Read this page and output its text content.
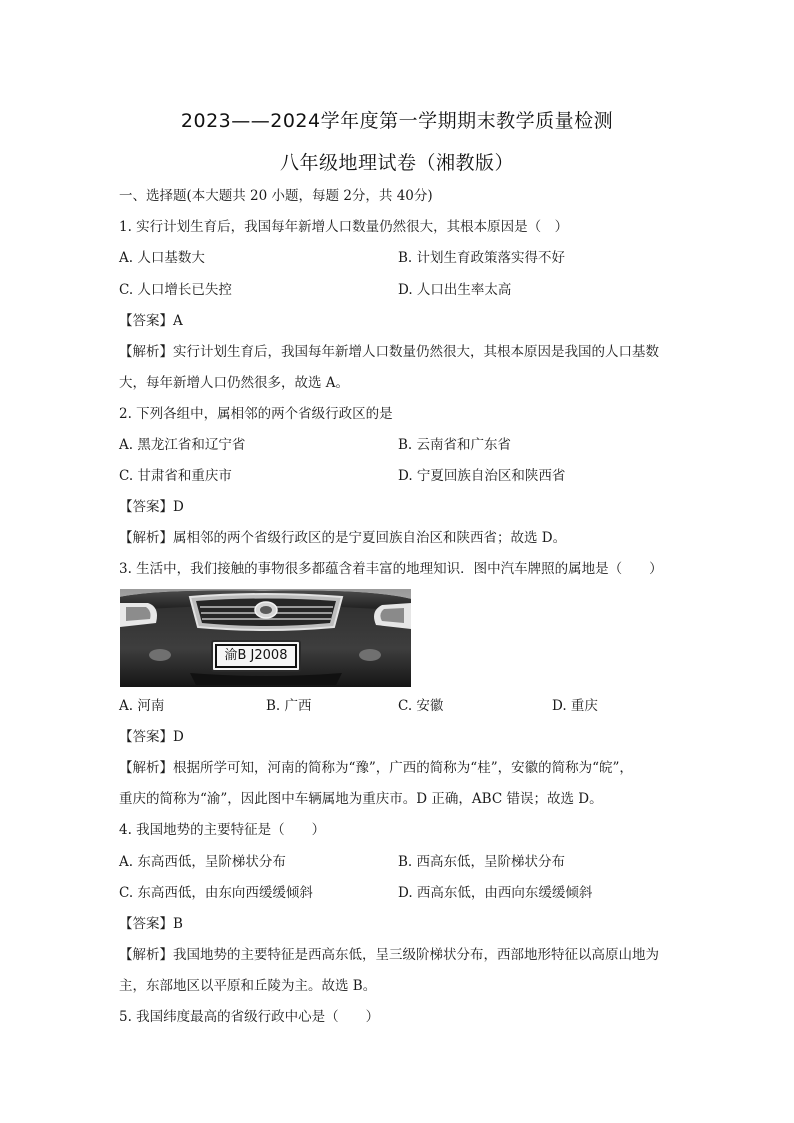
2023——2024学年度第一学期期末教学质量检测
八年级地理试卷（湘教版）
一、选择题(本大题共 20 小题，每题 2分，共 40分)
1. 实行计划生育后，我国每年新增人口数量仍然很大，其根本原因是（　）
A. 人口基数大	B. 计划生育政策落实得不好
C. 人口增长已失控	D. 人口出生率太高
【答案】A
【解析】实行计划生育后，我国每年新增人口数量仍然很大，其根本原因是我国的人口基数
大，每年新增人口仍然很多，故选 A。
2. 下列各组中，属相邻的两个省级行政区的是
A. 黑龙江省和辽宁省	B. 云南省和广东省
C. 甘肃省和重庆市	D. 宁夏回族自治区和陕西省
【答案】D
【解析】属相邻的两个省级行政区的是宁夏回族自治区和陕西省；故选 D。
3. 生活中，我们接触的事物很多都蕴含着丰富的地理知识．图中汽车牌照的属地是（　　）
渝B J2008
A. 河南	B. 广西	C. 安徽	D. 重庆
【答案】D
【解析】根据所学可知，河南的简称为“豫”，广西的简称为“桂”，安徽的简称为“皖”，
重庆的简称为“渝”，因此图中车辆属地为重庆市。D 正确，ABC 错误；故选 D。
4. 我国地势的主要特征是（　　）
A. 东高西低，呈阶梯状分布	B. 西高东低，呈阶梯状分布
C. 东高西低，由东向西缓缓倾斜	D. 西高东低，由西向东缓缓倾斜
【答案】B
【解析】我国地势的主要特征是西高东低，呈三级阶梯状分布，西部地形特征以高原山地为
主，东部地区以平原和丘陵为主。故选 B。
5. 我国纬度最高的省级行政中心是（　　）
